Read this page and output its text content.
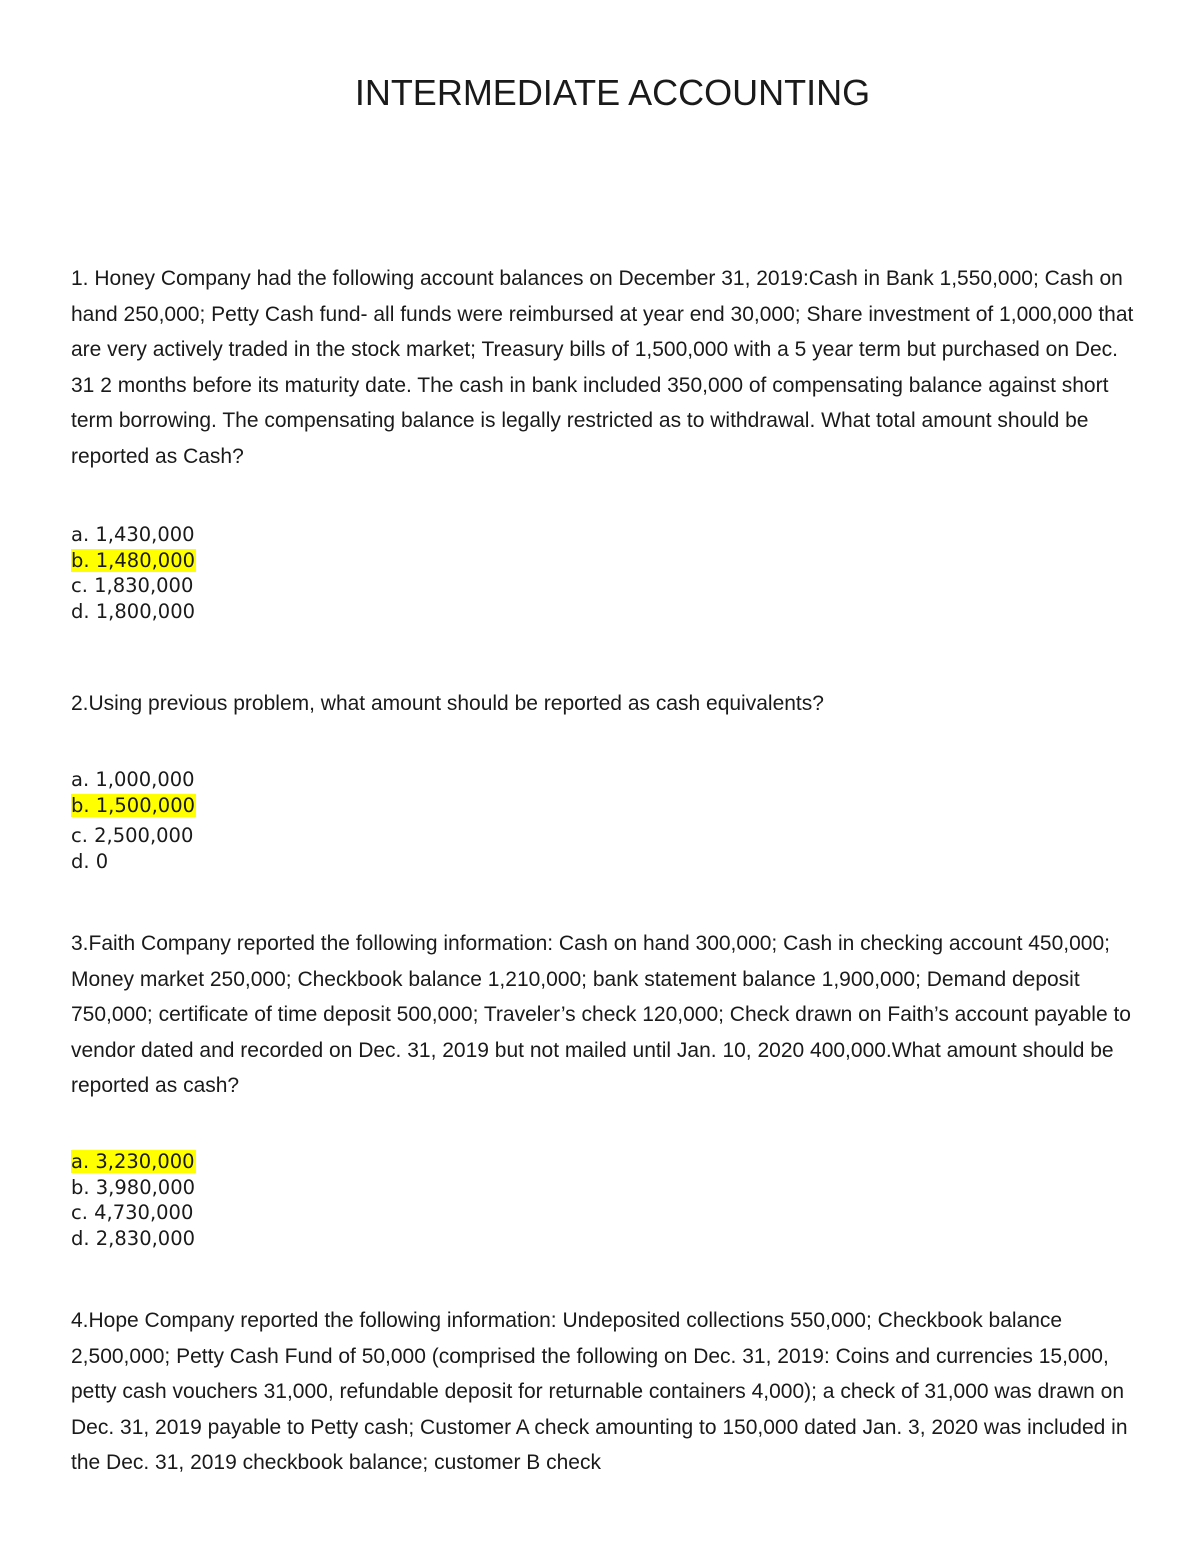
INTERMEDIATE ACCOUNTING

1. Honey Company had the following account balances on December 31, 2019:Cash in Bank 1,550,000; Cash on hand 250,000; Petty Cash fund- all funds were reimbursed at year end 30,000; Share investment of 1,000,000 that are very actively traded in the stock market; Treasury bills of 1,500,000 with a 5 year term but purchased on Dec. 31 2 months before its maturity date. The cash in bank included 350,000 of compensating balance against short term borrowing. The compensating balance is legally restricted as to withdrawal. What total amount should be reported as Cash?

a. 1,430,000
b. 1,480,000
c. 1,830,000
d. 1,800,000

2.Using previous problem, what amount should be reported as cash equivalents?

a. 1,000,000
b. 1,500,000
c. 2,500,000
d. 0

3.Faith Company reported the following information: Cash on hand 300,000; Cash in checking account 450,000; Money market 250,000; Checkbook balance 1,210,000; bank statement balance 1,900,000; Demand deposit 750,000; certificate of time deposit 500,000; Traveler’s check 120,000; Check drawn on Faith’s account payable to vendor dated and recorded on Dec. 31, 2019 but not mailed until Jan. 10, 2020 400,000.What amount should be reported as cash?

a. 3,230,000
b. 3,980,000
c. 4,730,000
d. 2,830,000

4.Hope Company reported the following information: Undeposited collections 550,000; Checkbook balance 2,500,000; Petty Cash Fund of 50,000 (comprised the following on Dec. 31, 2019: Coins and currencies 15,000, petty cash vouchers 31,000, refundable deposit for returnable containers 4,000); a check of 31,000 was drawn on Dec. 31, 2019 payable to Petty cash; Customer A check amounting to 150,000 dated Jan. 3, 2020 was included in the Dec. 31, 2019 checkbook balance; customer B check
